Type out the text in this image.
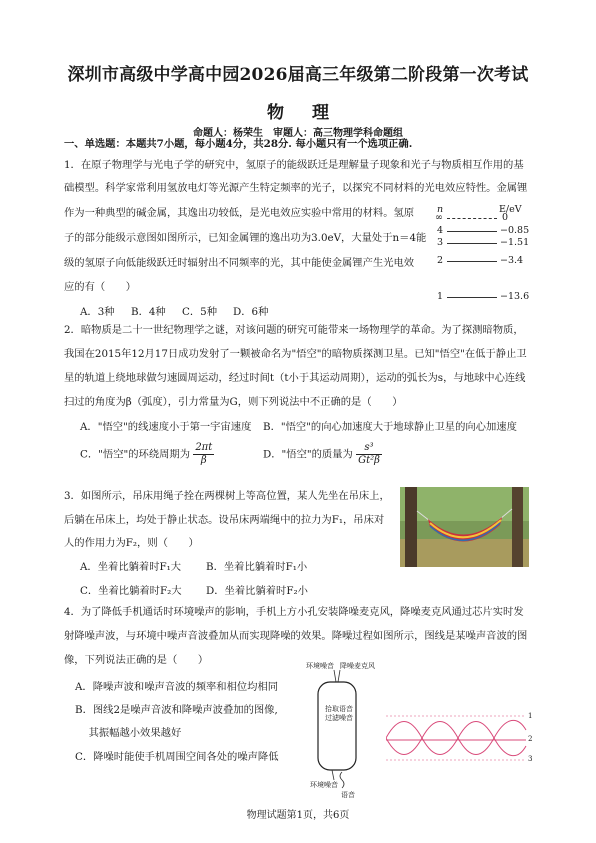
深圳市高级中学高中园2026届高三年级第二阶段第一次考试
物理
命题人：杨荣生　审题人：高三物理学科命题组
一、单选题：本题共7小题，每小题4分，共28分. 每小题只有一个选项正确.
1．在原子物理学与光电子学的研究中，氢原子的能级跃迁是理解量子现象和光子与物质相互作用的基
础模型。科学家常利用氢放电灯等光源产生特定频率的光子，以探究不同材料的光电效应特性。金属锂
作为一种典型的碱金属，其逸出功较低，是光电效应实验中常用的材料。氢原
子的部分能级示意图如图所示，已知金属锂的逸出功为3.0eV，大量处于n＝4能
级的氢原子向低能级跃迁时辐射出不同频率的光，其中能使金属锂产生光电效
应的有（　　）
A．3种 B．4种 C．5种 D．6种
n	E/eV
∞	0
4	−0.85
3	−1.51
2	−3.4
1	−13.6
2．暗物质是二十一世纪物理学之谜，对该问题的研究可能带来一场物理学的革命。为了探测暗物质，
我国在2015年12月17日成功发射了一颗被命名为"悟空"的暗物质探测卫星。已知"悟空"在低于静止卫
星的轨道上绕地球做匀速圆周运动，经过时间t（t小于其运动周期），运动的弧长为s，与地球中心连线
扫过的角度为β（弧度），引力常量为G，则下列说法中不正确的是（　　）
A．"悟空"的线速度小于第一宇宙速度 B．"悟空"的向心加速度大于地球静止卫星的向心加速度
C．"悟空"的环绕周期为 $\frac{2\pi t}{\beta}$	D．"悟空"的质量为 $\frac{\text{s³}}{\text{Gt²β}}$
3．如图所示，吊床用绳子拴在两棵树上等高位置，某人先坐在吊床上，
后躺在吊床上，均处于静止状态。设吊床两端绳中的拉力为F₁，吊床对
人的作用力为F₂，则（　　）
A．坐着比躺着时F₁大 B．坐着比躺着时F₁小
C．坐着比躺着时F₂大 D．坐着比躺着时F₂小
4．为了降低手机通话时环境噪声的影响，手机上方小孔安装降噪麦克风，降噪麦克风通过芯片实时发
射降噪声波，与环境中噪声音波叠加从而实现降噪的效果。降噪过程如图所示，图线是某噪声音波的图
像，下列说法正确的是（　　）
A．降噪声波和噪声音波的频率和相位均相同
B．图线2是噪声音波和降噪声波叠加的图像,
　 其振幅越小效果越好
C．降噪时能使手机周围空间各处的噪声降低
环境噪音 降噪麦克风
拾取语音过滤噪音
环境噪音
语音
1
2
3
物理试题第1页，共6页
